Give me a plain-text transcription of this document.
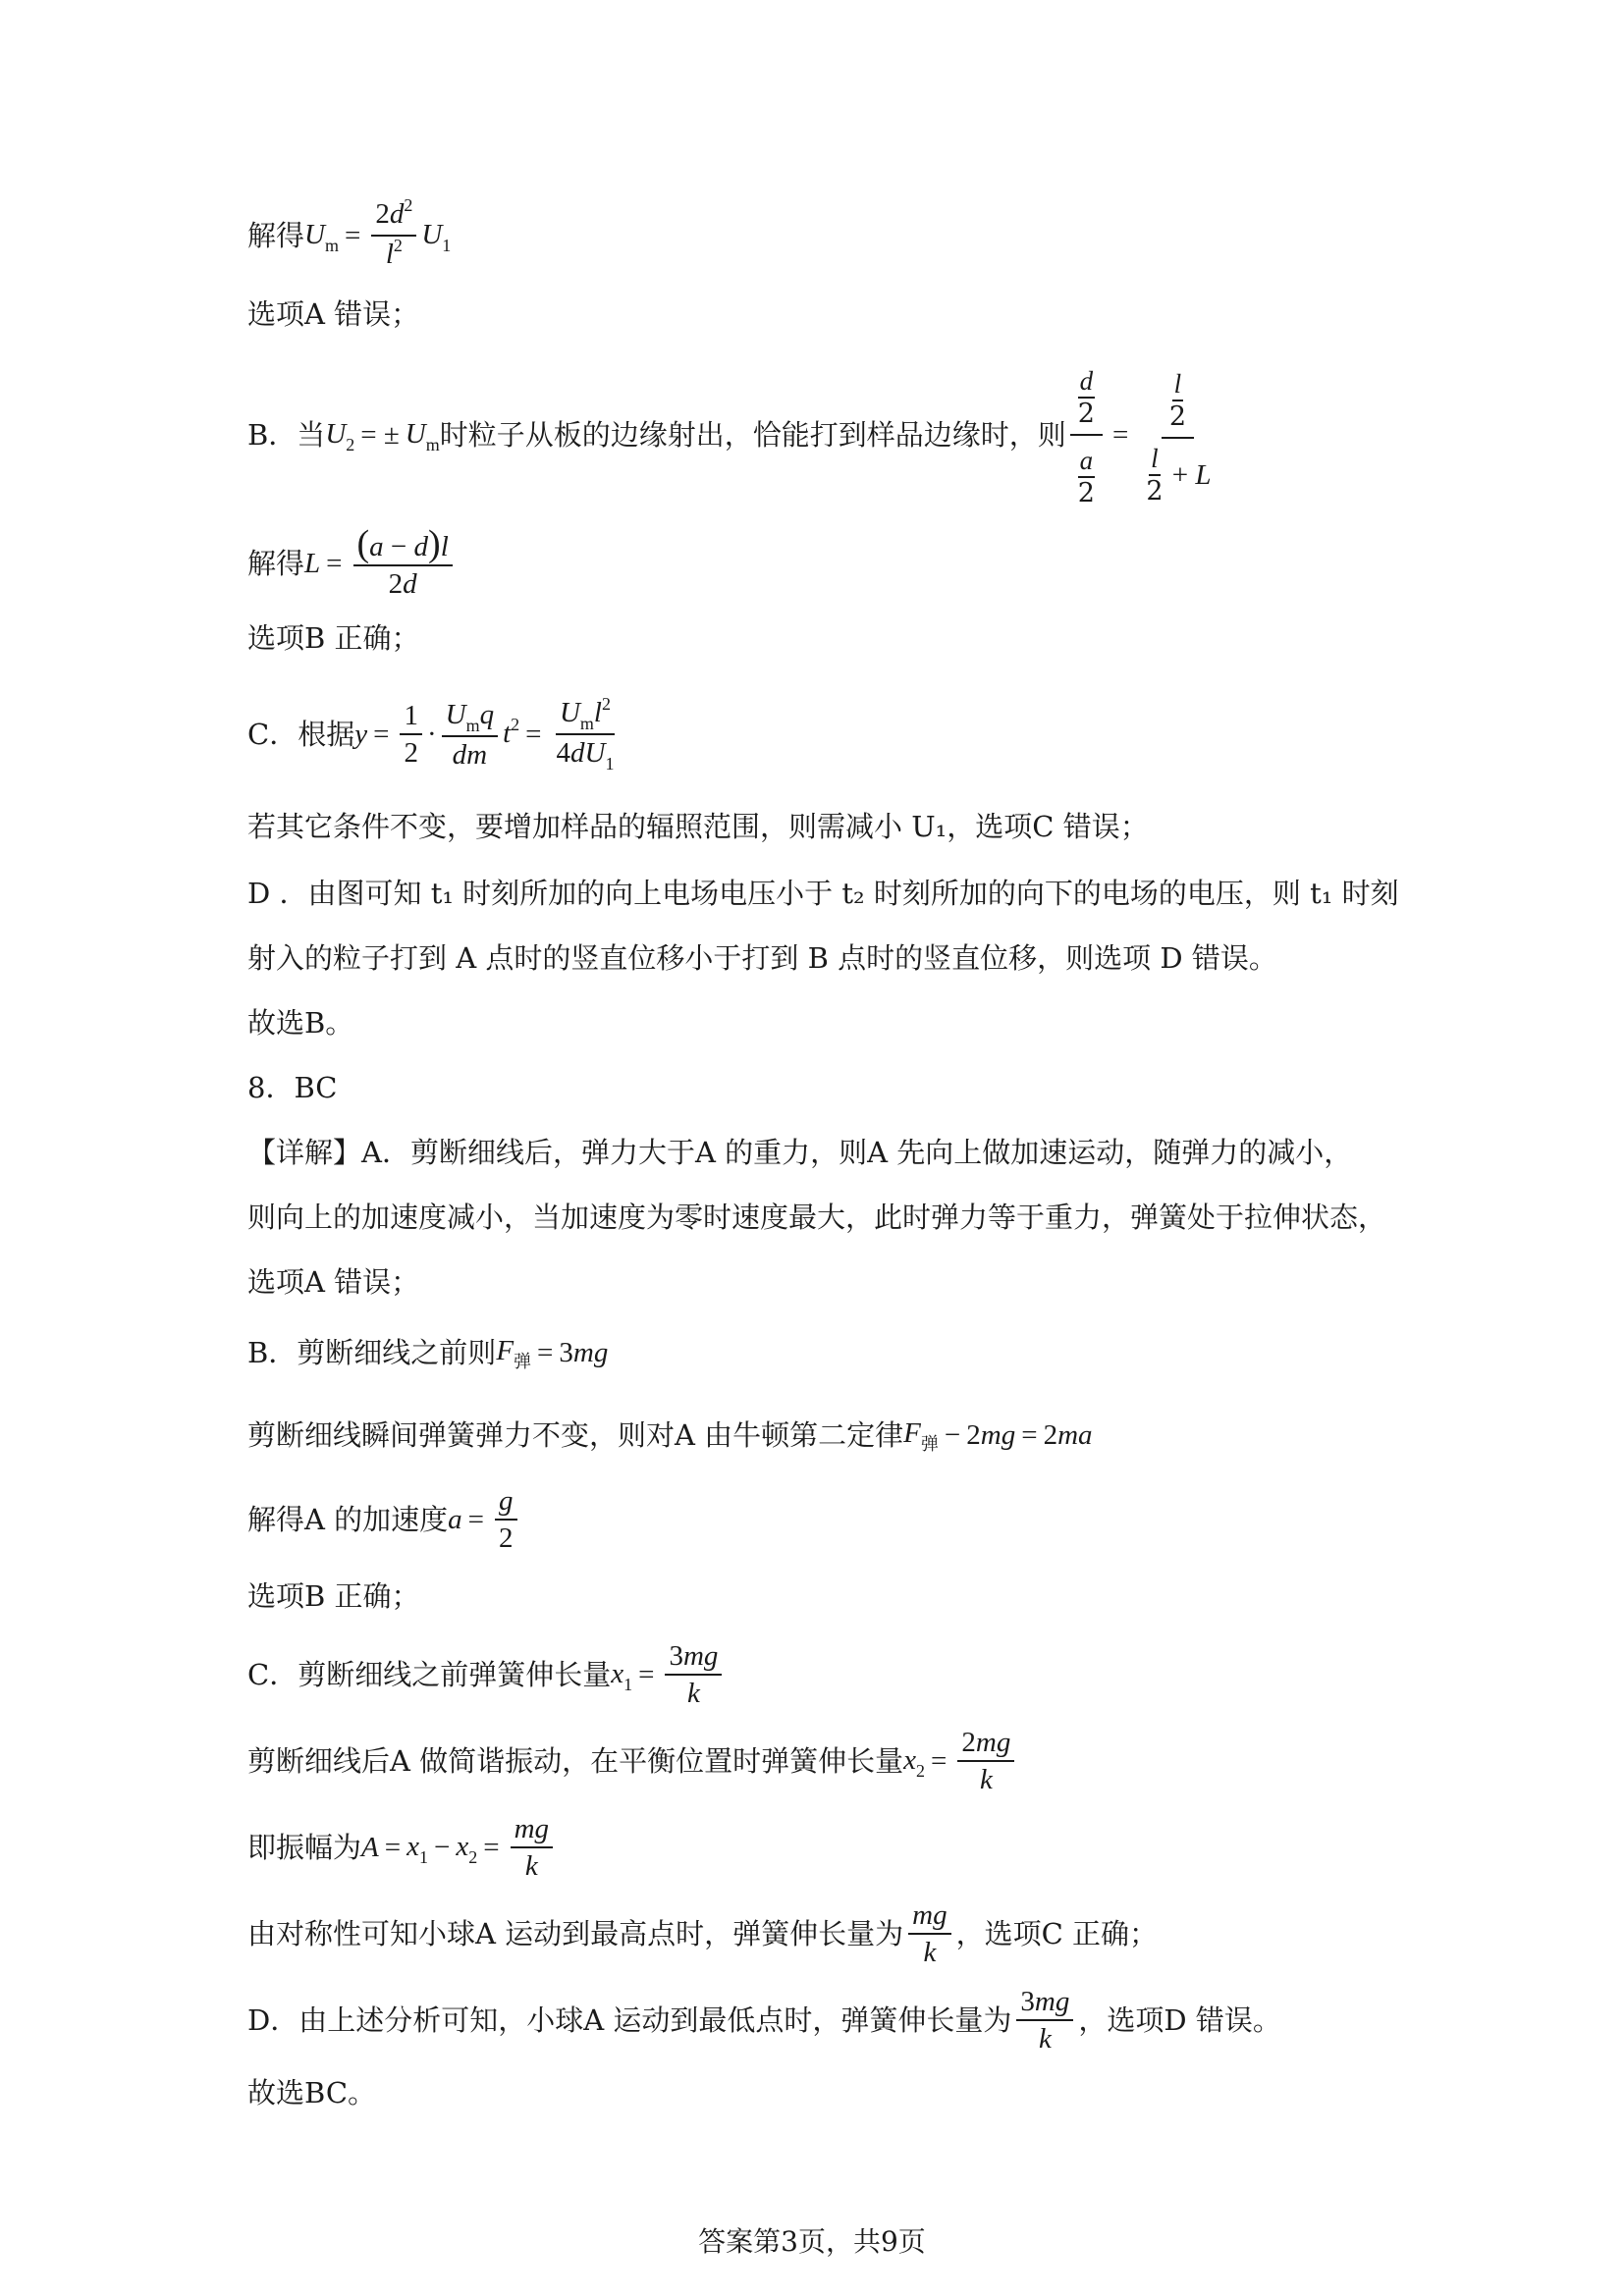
解得 $U_m = \frac{2d^2}{l^2} U_1$
选项A 错误；
B．当 $U_2$ = ± $U_m$ 时粒子从板的边缘射出，恰能打到样品边缘时，则 $\frac{\frac{d}{2}}{\frac{a}{2}} = \frac{l}{2}$
l
2
+ L
解得 $L = \frac{(a - d)l}{2d}$
选项B 正确；
C．根据 $y = \frac{1}{2} \cdot \frac{U_mq}{dm} t^2 = \frac{U_ml^2}{4dU_1}$
若其它条件不变，要增加样品的辐照范围，则需减小 U₁，选项C 错误；
D ．由图可知 t₁ 时刻所加的向上电场电压小于 t₂ 时刻所加的向下的电场的电压，则 t₁ 时刻
射入的粒子打到 A 点时的竖直位移小于打到 B 点时的竖直位移，则选项 D 错误。
故选B。
8．BC
【详解】A．剪断细线后，弹力大于A 的重力，则A 先向上做加速运动，随弹力的减小，
则向上的加速度减小，当加速度为零时速度最大，此时弹力等于重力，弹簧处于拉伸状态，
选项A 错误；
B．剪断细线之前则 $F_弹 = 3mg$
剪断细线瞬间弹簧弹力不变，则对A 由牛顿第二定律 $F_弹 - 2mg = 2ma$
解得A 的加速度 $a = \frac{g}{2}$
选项B 正确；
C．剪断细线之前弹簧伸长量 $x_1 = \frac{3mg}{k}$
剪断细线后A 做简谐振动，在平衡位置时弹簧伸长量 $x_2 = \frac{2mg}{k}$
即振幅为 $A = x_1 - x_2 = \frac{mg}{k}$
由对称性可知小球A 运动到最高点时，弹簧伸长量为 $\frac{mg}{k}$ ，选项C 正确；
D．由上述分析可知，小球A 运动到最低点时，弹簧伸长量为 $\frac{3mg}{k}$ ，选项D 错误。
故选BC。
答案第3页，共9页
